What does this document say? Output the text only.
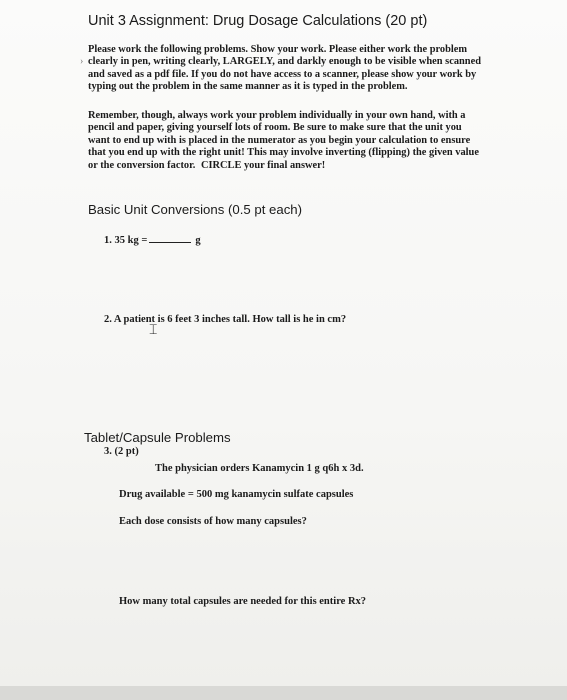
Unit 3 Assignment: Drug Dosage Calculations (20 pt)
›
Please work the following problems. Show your work. Please either work the problem
clearly in pen, writing clearly, LARGELY, and darkly enough to be visible when scanned
and saved as a pdf file. If you do not have access to a scanner, please show your work by
typing out the problem in the same manner as it is typed in the problem.
Remember, though, always work your problem individually in your own hand, with a
pencil and paper, giving yourself lots of room. Be sure to make sure that the unit you
want to end up with is placed in the numerator as you begin your calculation to ensure
that you end up with the right unit! This may involve inverting (flipping) the given value
or the conversion factor. CIRCLE your final answer!
Basic Unit Conversions (0.5 pt each)
1. 35 kg =	g
2. A patient is 6 feet 3 inches tall. How tall is he in cm?
⌶
Tablet/Capsule Problems
3. (2 pt)
The physician orders Kanamycin 1 g q6h x 3d.
Drug available = 500 mg kanamycin sulfate capsules
Each dose consists of how many capsules?
How many total capsules are needed for this entire Rx?
